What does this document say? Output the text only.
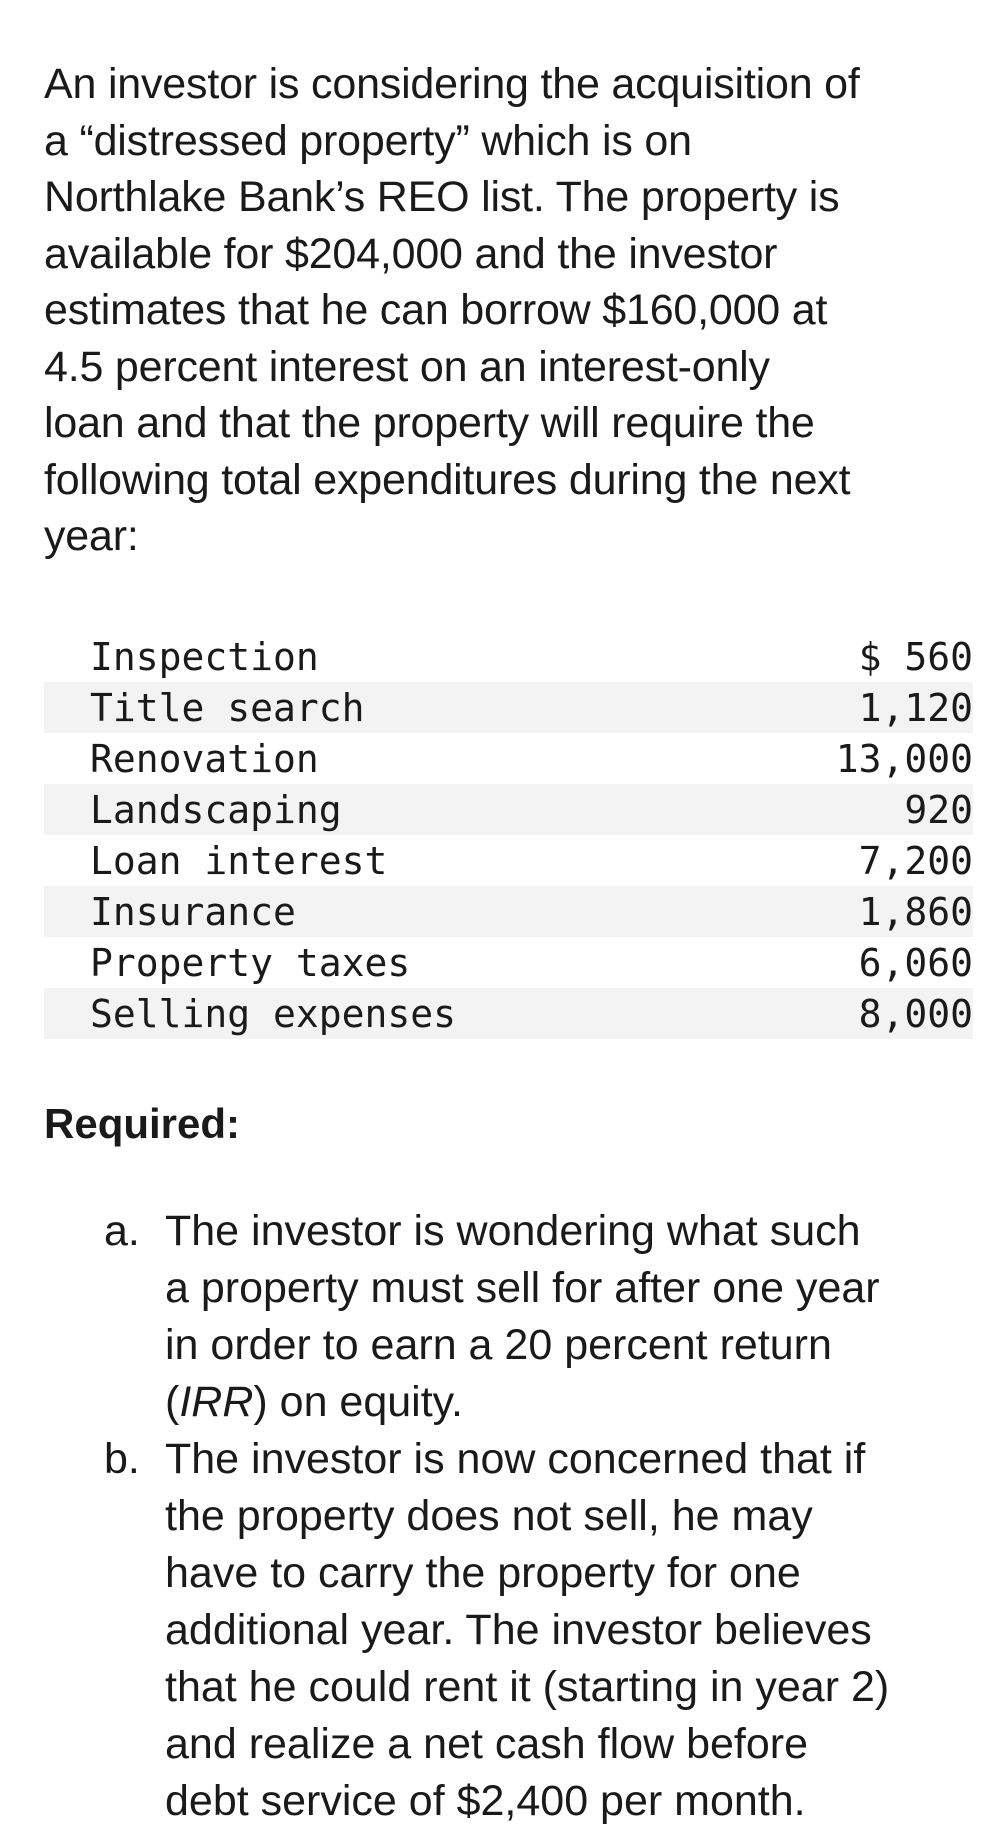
An investor is considering the acquisition of
a “distressed property” which is on
Northlake Bank’s REO list. The property is
available for $204,000 and the investor
estimates that he can borrow $160,000 at
4.5 percent interest on an interest-only
loan and that the property will require the
following total expenditures during the next
year:

Inspection	$ 560
Title search	1,120
Renovation	13,000
Landscaping	920
Loan interest	7,200
Insurance	1,860
Property taxes	6,060
Selling expenses	8,000
Required:
a. The investor is wondering what such
a property must sell for after one year
in order to earn a 20 percent return
(IRR) on equity.
b. The investor is now concerned that if
the property does not sell, he may
have to carry the property for one
additional year. The investor believes
that he could rent it (starting in year 2)
and realize a net cash flow before
debt service of $2,400 per month.
